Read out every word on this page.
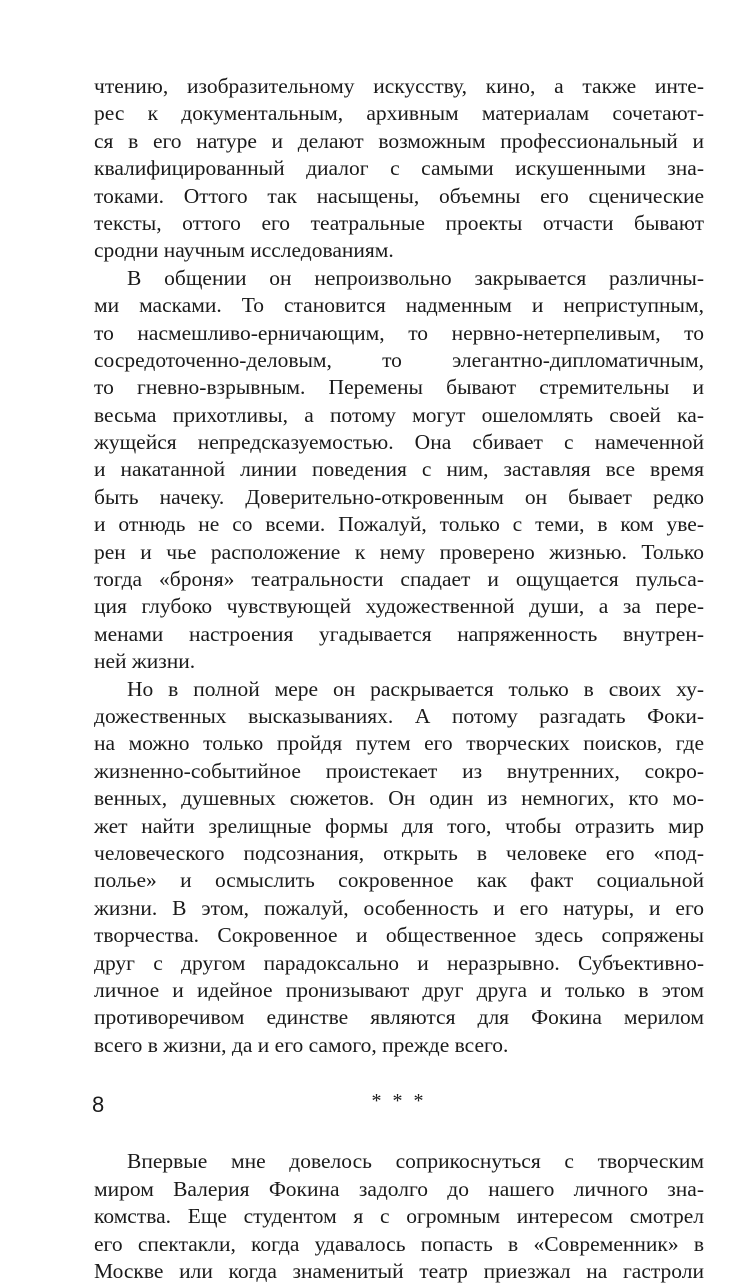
чтению, изобразительному искусству, кино, а также инте-
рес к документальным, архивным материалам сочетают-
ся в его натуре и делают возможным профессиональный и
квалифицированный диалог с самыми искушенными зна-
токами. Оттого так насыщены, объемны его сценические
тексты, оттого его театральные проекты отчасти бывают
сродни научным исследованиям.
В общении он непроизвольно закрывается различны-
ми масками. То становится надменным и неприступным,
то насмешливо-ерничающим, то нервно-нетерпеливым, то
сосредоточенно-деловым, то элегантно-дипломатичным,
то гневно-взрывным. Перемены бывают стремительны и
весьма прихотливы, а потому могут ошеломлять своей ка-
жущейся непредсказуемостью. Она сбивает с намеченной
и накатанной линии поведения с ним, заставляя все время
быть начеку. Доверительно-откровенным он бывает редко
и отнюдь не со всеми. Пожалуй, только с теми, в ком уве-
рен и чье расположение к нему проверено жизнью. Только
тогда «броня» театральности спадает и ощущается пульса-
ция глубоко чувствующей художественной души, а за пере-
менами настроения угадывается напряженность внутрен-
ней жизни.
Но в полной мере он раскрывается только в своих ху-
дожественных высказываниях. А потому разгадать Фоки-
на можно только пройдя путем его творческих поисков, где
жизненно-событийное проистекает из внутренних, сокро-
венных, душевных сюжетов. Он один из немногих, кто мо-
жет найти зрелищные формы для того, чтобы отразить мир
человеческого подсознания, открыть в человеке его «под-
полье» и осмыслить сокровенное как факт социальной
жизни. В этом, пожалуй, особенность и его натуры, и его
творчества. Сокровенное и общественное здесь сопряжены
друг с другом парадоксально и неразрывно. Субъективно-
личное и идейное пронизывают друг друга и только в этом
противоречивом единстве являются для Фокина мерилом
всего в жизни, да и его самого, прежде всего.
* * *
Впервые мне довелось соприкоснуться с творческим
миром Валерия Фокина задолго до нашего личного зна-
комства. Еще студентом я с огромным интересом смотрел
его спектакли, когда удавалось попасть в «Современник» в
Москве или когда знаменитый театр приезжал на гастроли
8
